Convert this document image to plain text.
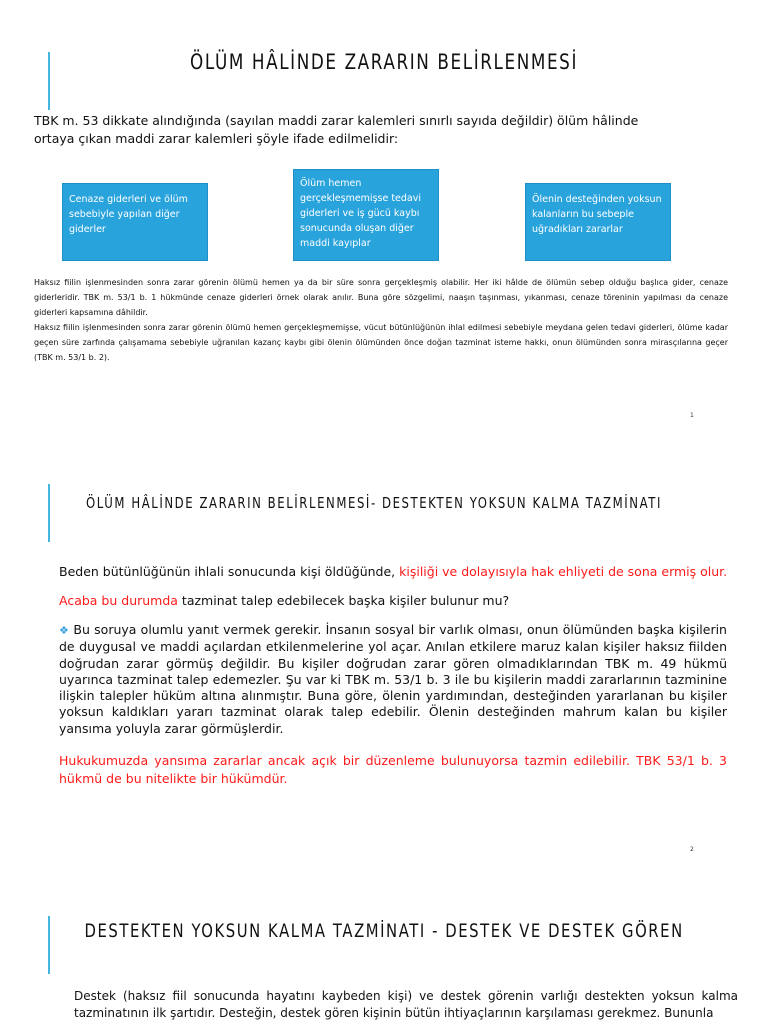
ÖLÜM HÂLİNDE ZARARIN BELİRLENMESİ

TBK m. 53 dikkate alındığında (sayılan maddi zarar kalemleri sınırlı sayıda değildir) ölüm hâlinde

ortaya çıkan maddi zarar kalemleri şöyle ifade edilmelidir:

Cenaze giderleri ve ölüm sebebiyle yapılan diğer giderler
Ölüm hemen gerçekleşmemişse tedavi giderleri ve iş gücü kaybı sonucunda oluşan diğer maddi kayıplar
Ölenin desteğinden yoksun kalanların bu sebeple uğradıkları zararlar

Haksız fiilin işlenmesinden sonra zarar görenin ölümü hemen ya da bir süre sonra gerçekleşmiş olabilir. Her iki hâlde de ölümün sebep olduğu başlıca gider, cenaze giderleridir. TBK m. 53/1 b. 1 hükmünde cenaze giderleri örnek olarak anılır. Buna göre sözgelimi, naaşın taşınması, yıkanması, cenaze töreninin yapılması da cenaze giderleri kapsamına dâhildir.

Haksız fiilin işlenmesinden sonra zarar görenin ölümü hemen gerçekleşmemişse, vücut bütünlüğünün ihlal edilmesi sebebiyle meydana gelen tedavi giderleri, ölüme kadar geçen süre zarfında çalışamama sebebiyle uğranılan kazanç kaybı gibi ölenin ölümünden önce doğan tazminat isteme hakkı, onun ölümünden sonra mirasçılarına geçer (TBK m. 53/1 b. 2).

1
ÖLÜM HÂLİNDE ZARARIN BELİRLENMESİ- DESTEKTEN YOKSUN KALMA TAZMİNATI

Beden bütünlüğünün ihlali sonucunda kişi öldüğünde, kişiliği ve dolayısıyla hak ehliyeti de sona ermiş olur.

Acaba bu durumda tazminat talep edebilecek başka kişiler bulunur mu?

❖ Bu soruya olumlu yanıt vermek gerekir. İnsanın sosyal bir varlık olması, onun ölümünden başka kişilerin de duygusal ve maddi açılardan etkilenmelerine yol açar. Anılan etkilere maruz kalan kişiler haksız fiilden doğrudan zarar görmüş değildir. Bu kişiler doğrudan zarar gören olmadıklarından TBK m. 49 hükmü uyarınca tazminat talep edemezler. Şu var ki TBK m. 53/1 b. 3 ile bu kişilerin maddi zararlarının tazminine ilişkin talepler hüküm altına alınmıştır. Buna göre, ölenin yardımından, desteğinden yararlanan bu kişiler yoksun kaldıkları yararı tazminat olarak talep edebilir. Ölenin desteğinden mahrum kalan bu kişiler yansıma yoluyla zarar görmüşlerdir.

Hukukumuzda yansıma zararlar ancak açık bir düzenleme bulunuyorsa tazmin edilebilir. TBK 53/1 b. 3 hükmü de bu nitelikte bir hükümdür.

2
DESTEKTEN YOKSUN KALMA TAZMİNATI - DESTEK VE DESTEK GÖREN

Destek (haksız fiil sonucunda hayatını kaybeden kişi) ve destek görenin varlığı destekten yoksun kalma tazminatının ilk şartıdır. Desteğin, destek gören kişinin bütün ihtiyaçlarının karşılaması gerekmez. Bununla
